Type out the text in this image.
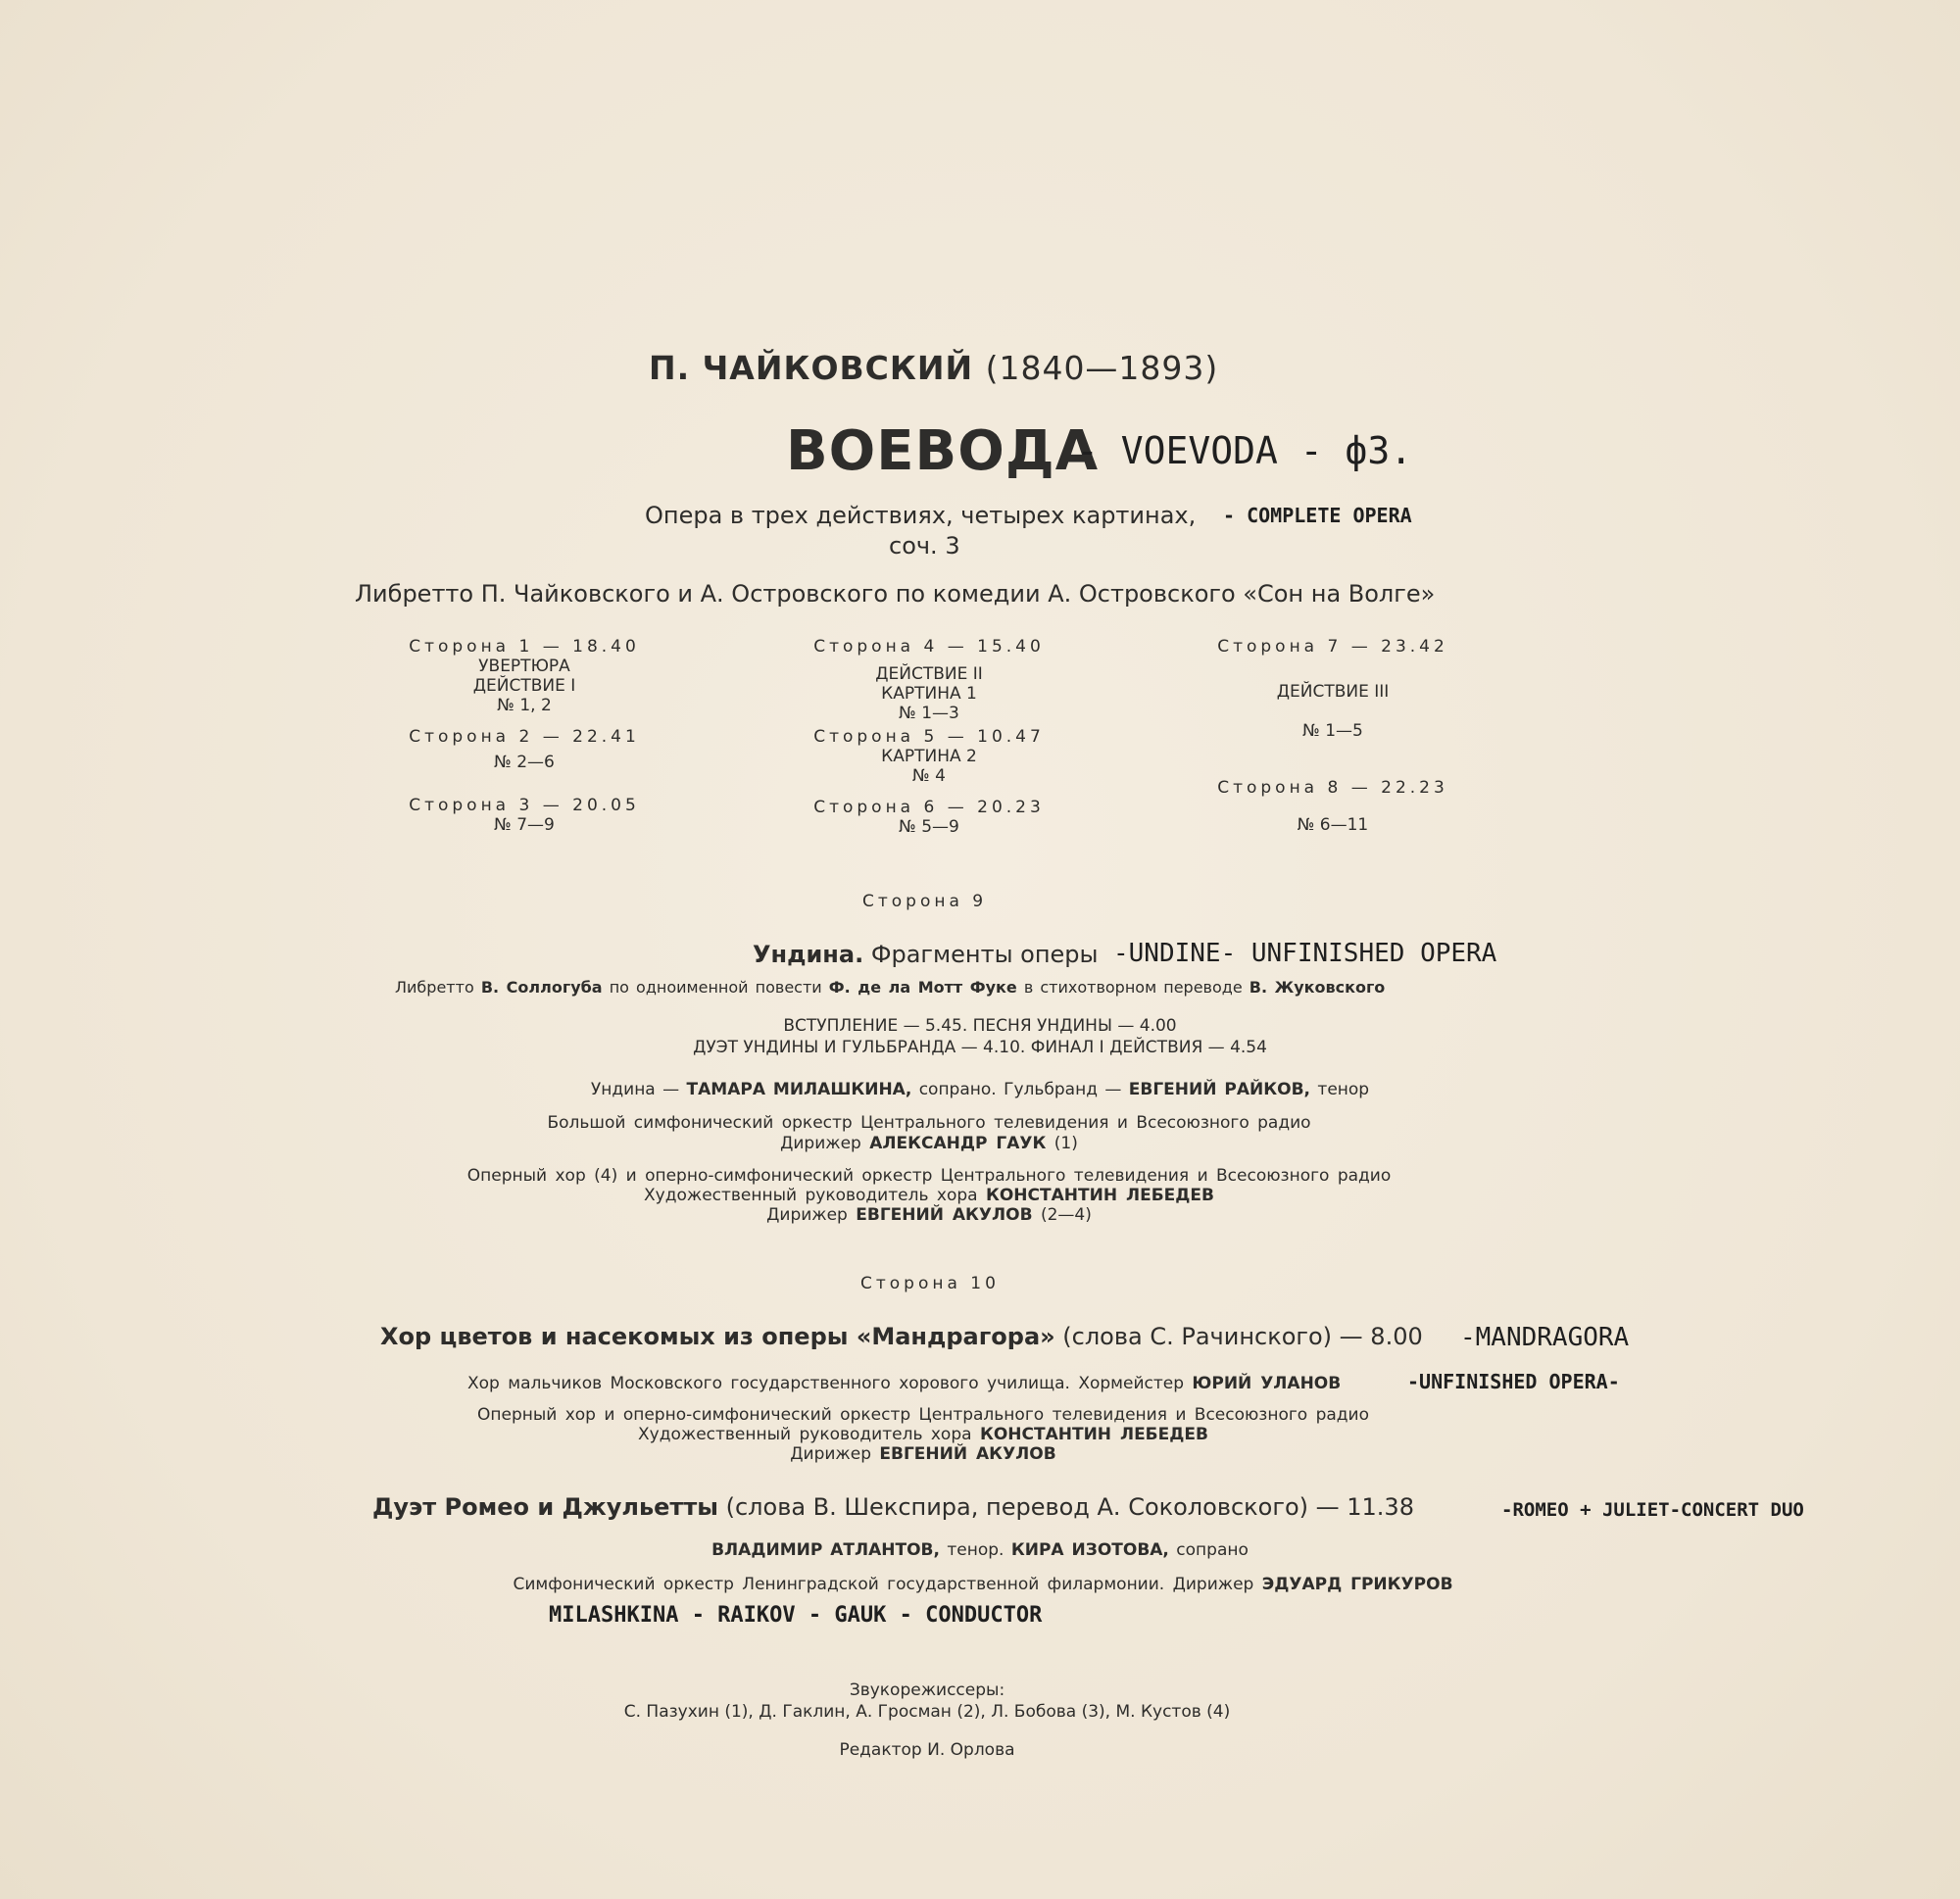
П. ЧАЙКОВСКИЙ (1840—1893)
ВОЕВОДА
- VOEVODA - ф3.
Опера в трех действиях, четырех картинах, - COMPLETE OPERA
соч. 3
Либретто П. Чайковского и А. Островского по комедии А. Островского «Сон на Волге»
Сторона 1 — 18.40
УВЕРТЮРА
ДЕЙСТВИЕ I
№ 1, 2
Сторона 2 — 22.41
№ 2—6
Сторона 3 — 20.05
№ 7—9
Сторона 4 — 15.40
ДЕЙСТВИЕ II
КАРТИНА 1
№ 1—3
Сторона 5 — 10.47
КАРТИНА 2
№ 4
Сторона 6 — 20.23
№ 5—9
Сторона 7 — 23.42
ДЕЙСТВИЕ III
№ 1—5
Сторона 8 — 22.23
№ 6—11
Сторона 9
Ундина. Фрагменты оперы -UNDINE- UNFINISHED OPERA
Либретто В. Соллогуба по одноименной повести Ф. де ла Мотт Фуке в стихотворном переводе В. Жуковского
ВСТУПЛЕНИЕ — 5.45. ПЕСНЯ УНДИНЫ — 4.00
ДУЭТ УНДИНЫ И ГУЛЬБРАНДА — 4.10. ФИНАЛ I ДЕЙСТВИЯ — 4.54
Ундина — ТАМАРА МИЛАШКИНА, сопрано. Гульбранд — ЕВГЕНИЙ РАЙКОВ, тенор
Большой симфонический оркестр Центрального телевидения и Всесоюзного радио
Дирижер АЛЕКСАНДР ГАУК (1)
Оперный хор (4) и оперно-симфонический оркестр Центрального телевидения и Всесоюзного радио
Художественный руководитель хора КОНСТАНТИН ЛЕБЕДЕВ
Дирижер ЕВГЕНИЙ АКУЛОВ (2—4)
Сторона 10
Хор цветов и насекомых из оперы «Мандрагора» (слова С. Рачинского) — 8.00 -MANDRAGORA
Хор мальчиков Московского государственного хорового училища. Хормейстер ЮРИЙ УЛАНОВ	-UNFINISHED OPERA-
Оперный хор и оперно-симфонический оркестр Центрального телевидения и Всесоюзного радио
Художественный руководитель хора КОНСТАНТИН ЛЕБЕДЕВ
Дирижер ЕВГЕНИЙ АКУЛОВ
Дуэт Ромео и Джульетты (слова В. Шекспира, перевод А. Соколовского) — 11.38	-ROMEO + JULIET-CONCERT DUO
ВЛАДИМИР АТЛАНТОВ, тенор. КИРА ИЗОТОВА, сопрано
Симфонический оркестр Ленинградской государственной филармонии. Дирижер ЭДУАРД ГРИКУРОВ
MILASHKINA - RAIKOV - GAUK - CONDUCTOR
Звукорежиссеры:
С. Пазухин (1), Д. Гаклин, А. Гросман (2), Л. Бобова (3), М. Кустов (4)
Редактор И. Орлова
